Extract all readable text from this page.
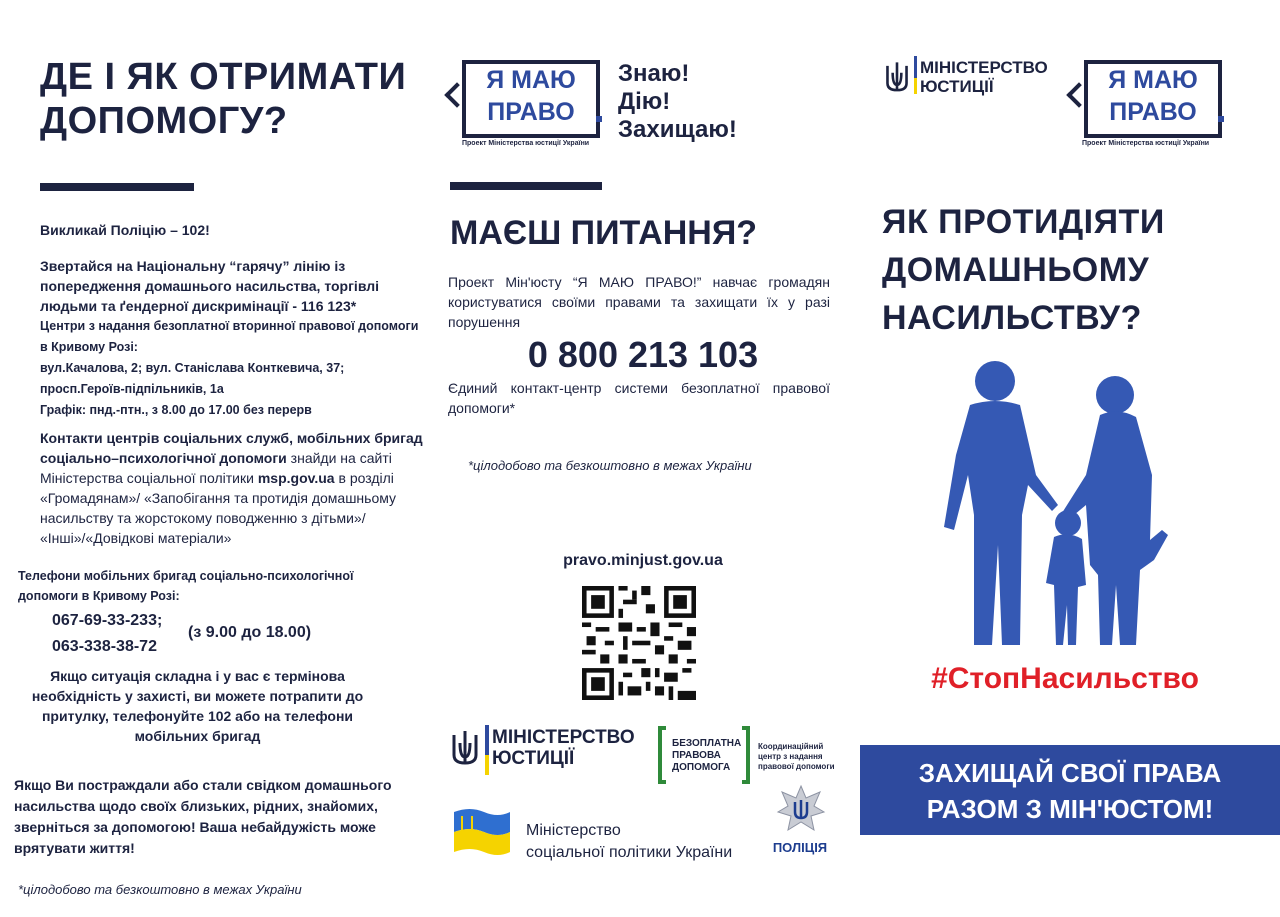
ДЕ І ЯК ОТРИМАТИ ДОПОМОГУ?
Викликай Поліцію – 102!
Звертайся на Національну “гарячу” лінію із попередження домашнього насильства, торгівлі людьми та ґендерної дискримінації - 116 123*
Центри з надання безоплатної вторинної правової допомоги в Кривому Розі:
вул.Качалова, 2; вул. Станіслава Конткевича, 37;
просп.Героїв-підпільників, 1а
Графік: пнд.-птн., з 8.00 до 17.00 без перерв
Контакти центрів соціальних служб, мобільних бригад соціально–психологічної допомоги знайди на сайті Міністерства соціальної політики msp.gov.ua в розділі «Громадянам»/ «Запобігання та протидія домашньому насильству та жорстокому поводженню з дітьми»/ «Інші»/«Довідкові матеріали»
Телефони мобільних бригад соціально-психологічної допомоги в Кривому Розі:
067-69-33-233;
063-338-38-72
(з 9.00 до 18.00)
Якщо ситуація складна і у вас є термінова необхідність у захисті, ви можете потрапити до притулку, телефонуйте 102 або на телефони мобільних бригад
Якщо Ви постраждали або стали свідком домашнього насильства щодо своїх близьких, рідних, знайомих, зверніться за допомогою! Ваша небайдужість може врятувати життя!
*цілодобово та безкоштовно в межах України
Я МАЮ
ПРАВО
Проект Міністерства юстиції України
Знаю!
Дію!
Захищаю!
МАЄШ ПИТАННЯ?
Проект Мін'юсту “Я МАЮ ПРАВО!” навчає громадян користуватися своїми правами та захищати їх у разі порушення
0 800 213 103
Єдиний контакт-центр системи безоплатної правової допомоги*
*цілодобово та безкоштовно в межах України
pravo.minjust.gov.ua
МІНІСТЕРСТВО
ЮСТИЦІЇ
БЕЗОПЛАТНА
ПРАВОВА
ДОПОМОГА
Координаційний центр з надання правової допомоги
Міністерство
соціальної політики України	ПОЛІЦІЯ
МІНІСТЕРСТВО
ЮСТИЦІЇ	Я МАЮ
ПРАВО
Проект Міністерства юстиції України
ЯК ПРОТИДІЯТИ
ДОМАШНЬОМУ
НАСИЛЬСТВУ?
#СтопНасильство
ЗАХИЩАЙ СВОЇ ПРАВА
РАЗОМ З МІН'ЮСТОМ!
